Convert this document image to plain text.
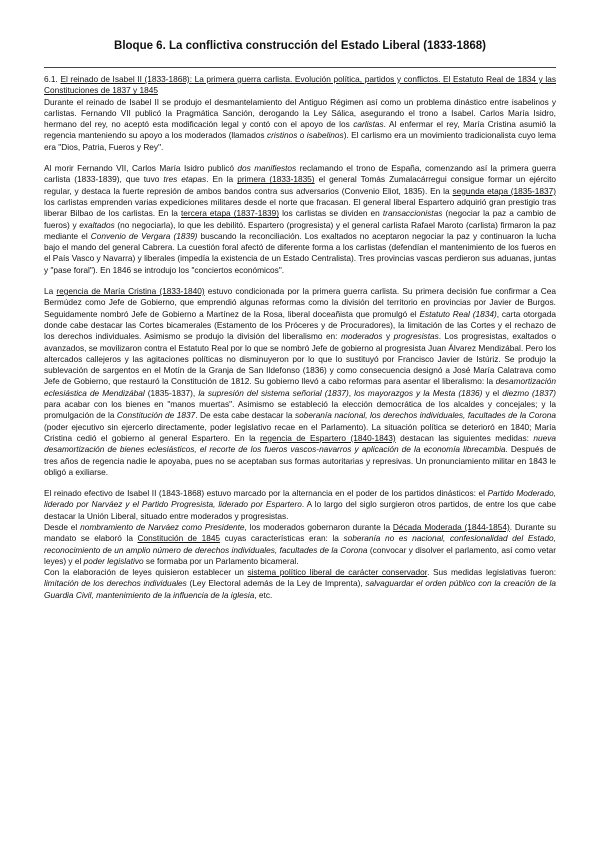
Bloque 6. La conflictiva construcción del Estado Liberal (1833-1868)

6.1. El reinado de Isabel II (1833-1868): La primera guerra carlista. Evolución política, partidos y conflictos. El Estatuto Real de 1834 y las Constituciones de 1837 y 1845

Durante el reinado de Isabel II se produjo el desmantelamiento del Antiguo Régimen así como un problema dinástico entre isabelinos y carlistas. Fernando VII publicó la Pragmática Sanción, derogando la Ley Sálica, asegurando el trono a Isabel. Carlos María Isidro, hermano del rey, no aceptó esta modificación legal y contó con el apoyo de los carlistas. Al enfermar el rey, María Cristina asumió la regencia manteniendo su apoyo a los moderados (llamados cristinos o isabelinos). El carlismo era un movimiento tradicionalista cuyo lema era "Dios, Patria, Fueros y Rey".

Al morir Fernando VII, Carlos María Isidro publicó dos manifiestos reclamando el trono de España, comenzando así la primera guerra carlista (1833-1839), que tuvo tres etapas. En la primera (1833-1835) el general Tomás Zumalacárregui consigue formar un ejército regular, y destaca la fuerte represión de ambos bandos contra sus adversarios (Convenio Eliot, 1835). En la segunda etapa (1835-1837) los carlistas emprenden varias expediciones militares desde el norte que fracasan. El general liberal Espartero adquirió gran prestigio tras liberar Bilbao de los carlistas. En la tercera etapa (1837-1839) los carlistas se dividen en transaccionistas (negociar la paz a cambio de fueros) y exaltados (no negociarla), lo que les debilitó. Espartero (progresista) y el general carlista Rafael Maroto (carlista) firmaron la paz mediante el Convenio de Vergara (1839) buscando la reconciliación. Los exaltados no aceptaron negociar la paz y continuaron la lucha bajo el mando del general Cabrera. La cuestión foral afectó de diferente forma a los carlistas (defendían el mantenimiento de los fueros en el País Vasco y Navarra) y liberales (impedía la existencia de un Estado Centralista). Tres provincias vascas perdieron sus aduanas, juntas y "pase foral"). En 1846 se introdujo los "conciertos económicos".

La regencia de María Cristina (1833-1840) estuvo condicionada por la primera guerra carlista. Su primera decisión fue confirmar a Cea Bermúdez como Jefe de Gobierno, que emprendió algunas reformas como la división del territorio en provincias por Javier de Burgos. Seguidamente nombró Jefe de Gobierno a Martínez de la Rosa, liberal doceañista que promulgó el Estatuto Real (1834), carta otorgada donde cabe destacar las Cortes bicamerales (Estamento de los Próceres y de Procuradores), la limitación de las Cortes y el rechazo de los derechos individuales. Asimismo se produjo la división del liberalismo en: moderados y progresistas. Los progresistas, exaltados o avanzados, se movilizaron contra el Estatuto Real por lo que se nombró Jefe de gobierno al progresista Juan Álvarez Mendizábal. Pero los altercados callejeros y las agitaciones políticas no disminuyeron por lo que lo sustituyó por Francisco Javier de Istúriz. Se produjo la sublevación de sargentos en el Motín de la Granja de San Ildefonso (1836) y como consecuencia designó a José María Calatrava como Jefe de Gobierno, que restauró la Constitución de 1812. Su gobierno llevó a cabo reformas para asentar el liberalismo: la desamortización eclesiástica de Mendizábal (1835-1837), la supresión del sistema señorial (1837), los mayorazgos y la Mesta (1836) y el diezmo (1837) para acabar con los bienes en "manos muertas". Asimismo se estableció la elección democrática de los alcaldes y concejales; y la promulgación de la Constitución de 1837. De esta cabe destacar la soberanía nacional, los derechos individuales, facultades de la Corona (poder ejecutivo sin ejercerlo directamente, poder legislativo recae en el Parlamento). La situación política se deterioró en 1840; María Cristina cedió el gobierno al general Espartero. En la regencia de Espartero (1840-1843) destacan las siguientes medidas: nueva desamortización de bienes eclesiásticos, el recorte de los fueros vascos-navarros y aplicación de la economía librecambia. Después de tres años de regencia nadie le apoyaba, pues no se aceptaban sus formas autoritarias y represivas. Un pronunciamiento militar en 1843 le obligó a exiliarse.

El reinado efectivo de Isabel II (1843-1868) estuvo marcado por la alternancia en el poder de los partidos dinásticos: el Partido Moderado, liderado por Narváez y el Partido Progresista, liderado por Espartero. A lo largo del siglo surgieron otros partidos, de entre los que cabe destacar la Unión Liberal, situado entre moderados y progresistas.

Desde el nombramiento de Narváez como Presidente, los moderados gobernaron durante la Década Moderada (1844-1854). Durante su mandato se elaboró la Constitución de 1845 cuyas características eran: la soberanía no es nacional, confesionalidad del Estado, reconocimiento de un amplio número de derechos individuales, facultades de la Corona (convocar y disolver el parlamento, así como vetar leyes) y el poder legislativo se formaba por un Parlamento bicameral.

Con la elaboración de leyes quisieron establecer un sistema político liberal de carácter conservador. Sus medidas legislativas fueron: limitación de los derechos individuales (Ley Electoral además de la Ley de Imprenta), salvaguardar el orden público con la creación de la Guardia Civil, mantenimiento de la influencia de la iglesia, etc.
